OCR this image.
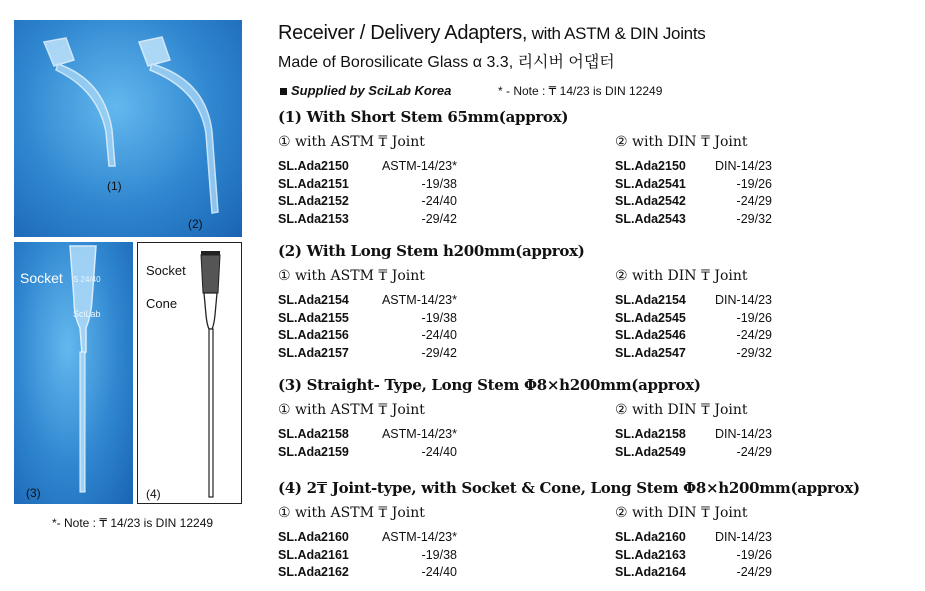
(1)
(2)
Socket
SciLab
S 24/40
(3)
Socket
Cone
(4)
*- Note : ₸ 14/23 is DIN 12249
Receiver / Delivery Adapters, with ASTM & DIN Joints
Made of Borosilicate Glass α 3.3, 리시버 어댑터
Supplied by SciLab Korea	* - Note : ₸ 14/23 is DIN 12249
(1) With Short Stem 65mm(approx)
① with ASTM ₸ Joint	② with DIN ₸ Joint
SL.Ada2150	ASTM-14/23*
SL.Ada2151	-19/38
SL.Ada2152	-24/40
SL.Ada2153	-29/42
SL.Ada2150	DIN-14/23
SL.Ada2541	-19/26
SL.Ada2542	-24/29
SL.Ada2543	-29/32
(2) With Long Stem h200mm(approx)
① with ASTM ₸ Joint	② with DIN ₸ Joint
SL.Ada2154	ASTM-14/23*
SL.Ada2155	-19/38
SL.Ada2156	-24/40
SL.Ada2157	-29/42
SL.Ada2154	DIN-14/23
SL.Ada2545	-19/26
SL.Ada2546	-24/29
SL.Ada2547	-29/32
(3) Straight- Type, Long Stem Φ8×h200mm(approx)
① with ASTM ₸ Joint	② with DIN ₸ Joint
SL.Ada2158	ASTM-14/23*
SL.Ada2159	-24/40
SL.Ada2158	DIN-14/23
SL.Ada2549	-24/29
(4) 2₸ Joint-type, with Socket & Cone, Long Stem Φ8×h200mm(approx)
① with ASTM ₸ Joint	② with DIN ₸ Joint
SL.Ada2160	ASTM-14/23*
SL.Ada2161	-19/38
SL.Ada2162	-24/40
SL.Ada2160	DIN-14/23
SL.Ada2163	-19/26
SL.Ada2164	-24/29
